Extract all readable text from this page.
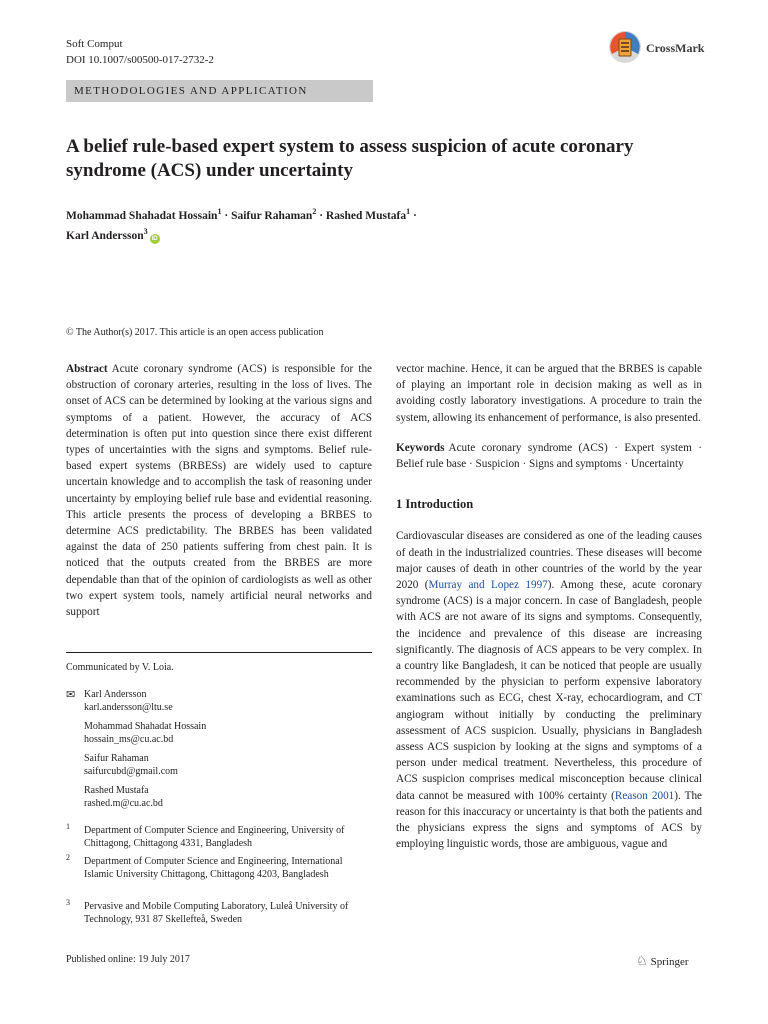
Soft Comput
DOI 10.1007/s00500-017-2732-2
CrossMark
METHODOLOGIES AND APPLICATION
A belief rule-based expert system to assess suspicion of acute coronary syndrome (ACS) under uncertainty
Mohammad Shahadat Hossain$^1$ · Saifur Rahaman$^2$ · Rashed Mustafa$^1$ ·
Karl Andersson$^3$iD
© The Author(s) 2017. This article is an open access publication
Abstract Acute coronary syndrome (ACS) is responsible for the obstruction of coronary arteries, resulting in the loss of lives. The onset of ACS can be determined by looking at the various signs and symptoms of a patient. However, the accuracy of ACS determination is often put into question since there exist different types of uncertainties with the signs and symptoms. Belief rule-based expert systems (BRBESs) are widely used to capture uncertain knowledge and to accomplish the task of reasoning under uncertainty by employing belief rule base and evidential reasoning. This article presents the process of developing a BRBES to determine ACS predictability. The BRBES has been validated against the data of 250 patients suffering from chest pain. It is noticed that the outputs created from the BRBES are more dependable than that of the opinion of cardiologists as well as other two expert system tools, namely artificial neural networks and support
vector machine. Hence, it can be argued that the BRBES is capable of playing an important role in decision making as well as in avoiding costly laboratory investigations. A procedure to train the system, allowing its enhancement of performance, is also presented.
Keywords Acute coronary syndrome (ACS) · Expert system · Belief rule base · Suspicion · Signs and symptoms · Uncertainty
1 Introduction
Cardiovascular diseases are considered as one of the leading causes of death in the industrialized countries. These diseases will become major causes of death in other countries of the world by the year 2020 (Murray and Lopez 1997). Among these, acute coronary syndrome (ACS) is a major concern. In case of Bangladesh, people with ACS are not aware of its signs and symptoms. Consequently, the incidence and prevalence of this disease are increasing significantly. The diagnosis of ACS appears to be very complex. In a country like Bangladesh, it can be noticed that people are usually recommended by the physician to perform expensive laboratory examinations such as ECG, chest X-ray, echocardiogram, and CT angiogram without initially by conducting the preliminary assessment of ACS suspicion. Usually, physicians in Bangladesh assess ACS suspicion by looking at the signs and symptoms of a person under medical treatment. Nevertheless, this procedure of ACS suspicion comprises medical misconception because clinical data cannot be measured with 100% certainty (Reason 2001). The reason for this inaccuracy or uncertainty is that both the patients and the physicians express the signs and symptoms of ACS by employing linguistic words, those are ambiguous, vague and
Communicated by V. Loia.
✉ Karl Andersson
karl.andersson@ltu.se
Mohammad Shahadat Hossain
hossain_ms@cu.ac.bd
Saifur Rahaman
saifurcubd@gmail.com
Rashed Mustafa
rashed.m@cu.ac.bd
1 Department of Computer Science and Engineering, University of Chittagong, Chittagong 4331, Bangladesh
2 Department of Computer Science and Engineering, International Islamic University Chittagong, Chittagong 4203, Bangladesh
3 Pervasive and Mobile Computing Laboratory, Luleå University of Technology, 931 87 Skellefteå, Sweden
Published online: 19 July 2017	♘ Springer
